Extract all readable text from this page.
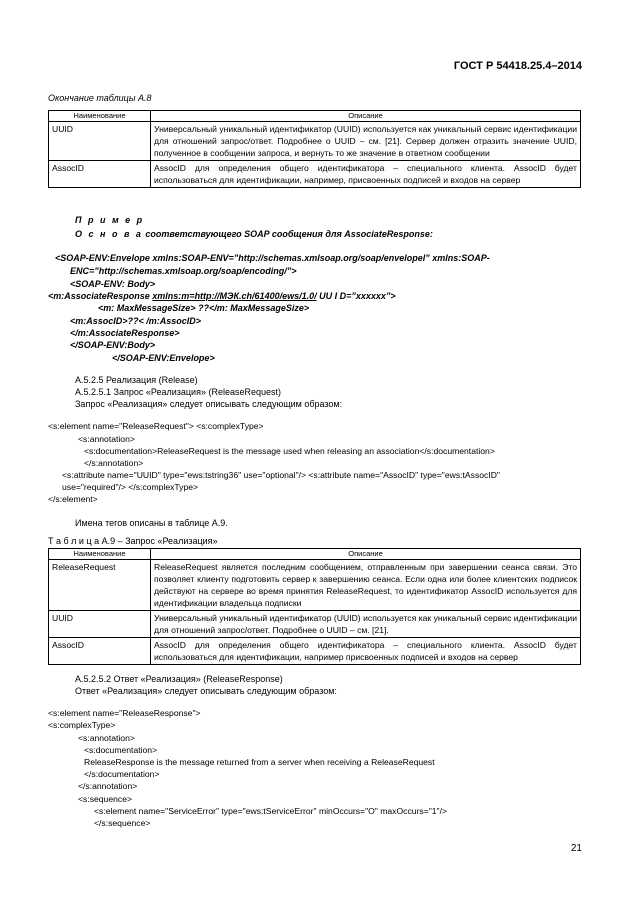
ГОСТ Р 54418.25.4–2014
Окончание таблицы А.8
Наименование	Описание
UUID	Универсальный уникальный идентификатор (UUID) используется как уникальный сервис идентификации для отношений запрос/ответ. Подробнее о UUID – см. [21]. Сервер должен отразить значение UUID, полученное в сообщении запроса, и вернуть то же значение в ответном сообщении
AssocID	AssocID для определения общего идентификатора – специального клиента. AssocID будет использоваться для идентификации, например, присвоенных подписей и входов на сервер
П р и м е р
О с н о в а соответствующего SOAP сообщения для AssociateResponse:
<SOAP-ENV:Envelope xmlns:SOAP-ENV=”http://schemas.xmlsoap.org/soap/envelopel” xmlns:SOAP-
ENC=”http://schemas.xmlsoap.org/soap/encoding/”>
<SOAP-ENV: Body>
<m:AssociateResponse xmlns:m=http://МЭК.ch/61400/ews/1.0/ UU I D=”xxxxxx”>
<m: MaxMessageSize> ??</m: MaxMessageSize>
<m:AssocID>??< /m:AssocID>
</m:AssociateResponse>
</SOAP-ENV:Body>
</SOAP-ENV:Envelope>
А.5.2.5 Реализация (Release)
А.5.2.5.1 Запрос «Реализация» (ReleaseRequest)
Запрос «Реализация» следует описывать следующим образом:
<s:element name="ReleaseRequest"> <s:complexType>
<s:annotation>
<s:documentation>ReleaseRequest is the message used when releasing an association</s:documentation>
</s:annotation>
<s:attribute name="UUID" type="ews:tstring36" use="optional"/> <s:attribute name="AssocID" type="ews:tAssocID"
use="required"/> </s:complexType>
</s:element>
Имена тегов описаны в таблице А.9.
Т а б л и ц а А.9 – Запрос «Реализация»
Наименование	Описание
ReleaseRequest	ReleaseRequest является последним сообщением, отправленным при завершении сеанса связи. Это позволяет клиенту подготовить сервер к завершению сеанса. Если одна или более клиентских подписок действуют на сервере во время принятия ReleaseRequest, то идентификатор AssocID используется для идентификации владельца подписки
UUID	Универсальный уникальный идентификатор (UUID) используется как уникальный сервис идентификации для отношений запрос/ответ. Подробнее о UUID – см. [21].
AssocID	AssocID для определения общего идентификатора – специального клиента. AssocID будет использоваться для идентификации, например присвоенных подписей и входов на сервер
А.5.2.5.2 Ответ «Реализация» (ReleaseResponse)
Ответ «Реализация» следует описывать следующим образом:
<s:element name="ReleaseResponse">
<s:complexType>
<s:annotation>
<s:documentation>
ReleaseResponse is the message returned from a server when receiving a ReleaseRequest
</s:documentation>
</s:annotation>
<s:sequence>
<s:element name="ServiceError" type="ews:tServiceError" minOccurs="O" maxOccurs="1"/>
</s:sequence>
21
